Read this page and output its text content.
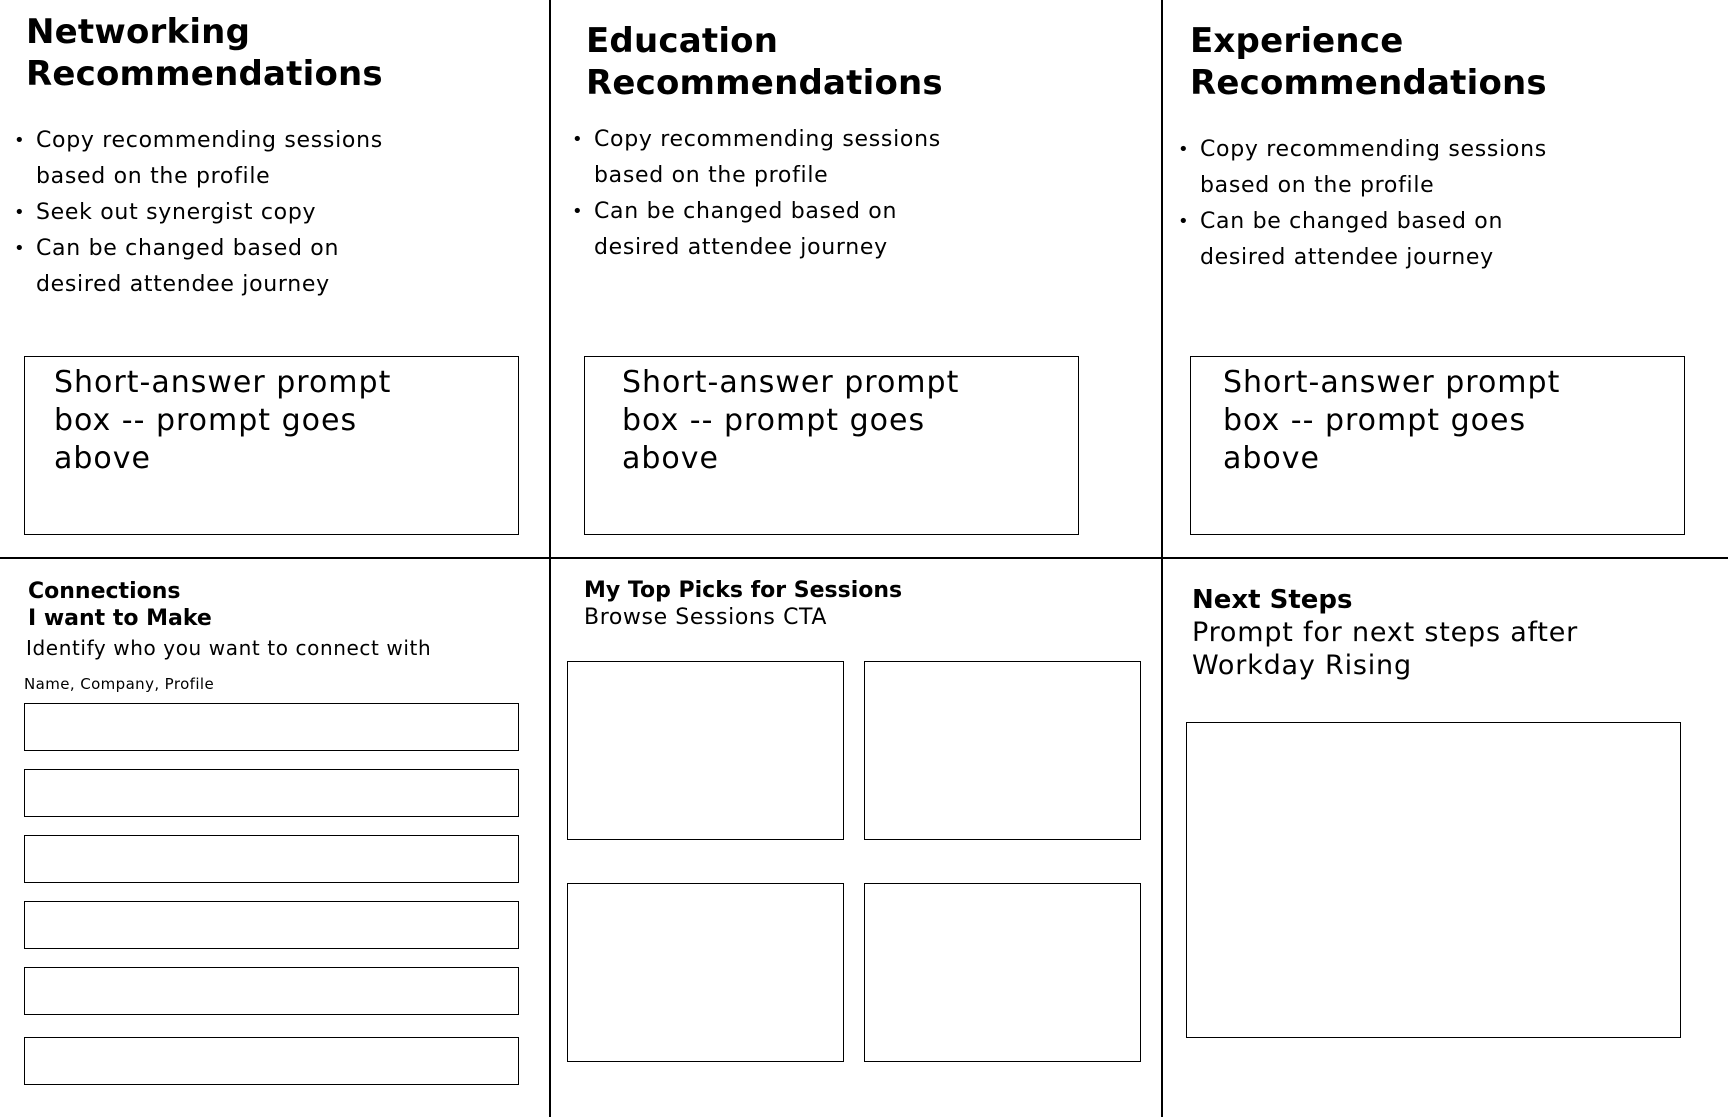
Networking
Recommendations
• Copy recommending sessions
based on the profile
• Seek out synergist copy
• Can be changed based on
desired attendee journey
Short-answer prompt
box -- prompt goes
above
Education
Recommendations
• Copy recommending sessions
based on the profile
• Can be changed based on
desired attendee journey
Short-answer prompt
box -- prompt goes
above
Experience
Recommendations
• Copy recommending sessions
based on the profile
• Can be changed based on
desired attendee journey
Short-answer prompt
box -- prompt goes
above
Connections
I want to Make
Identify who you want to connect with
Name, Company, Profile
My Top Picks for Sessions
Browse Sessions CTA
Next Steps
Prompt for next steps after
Workday Rising
